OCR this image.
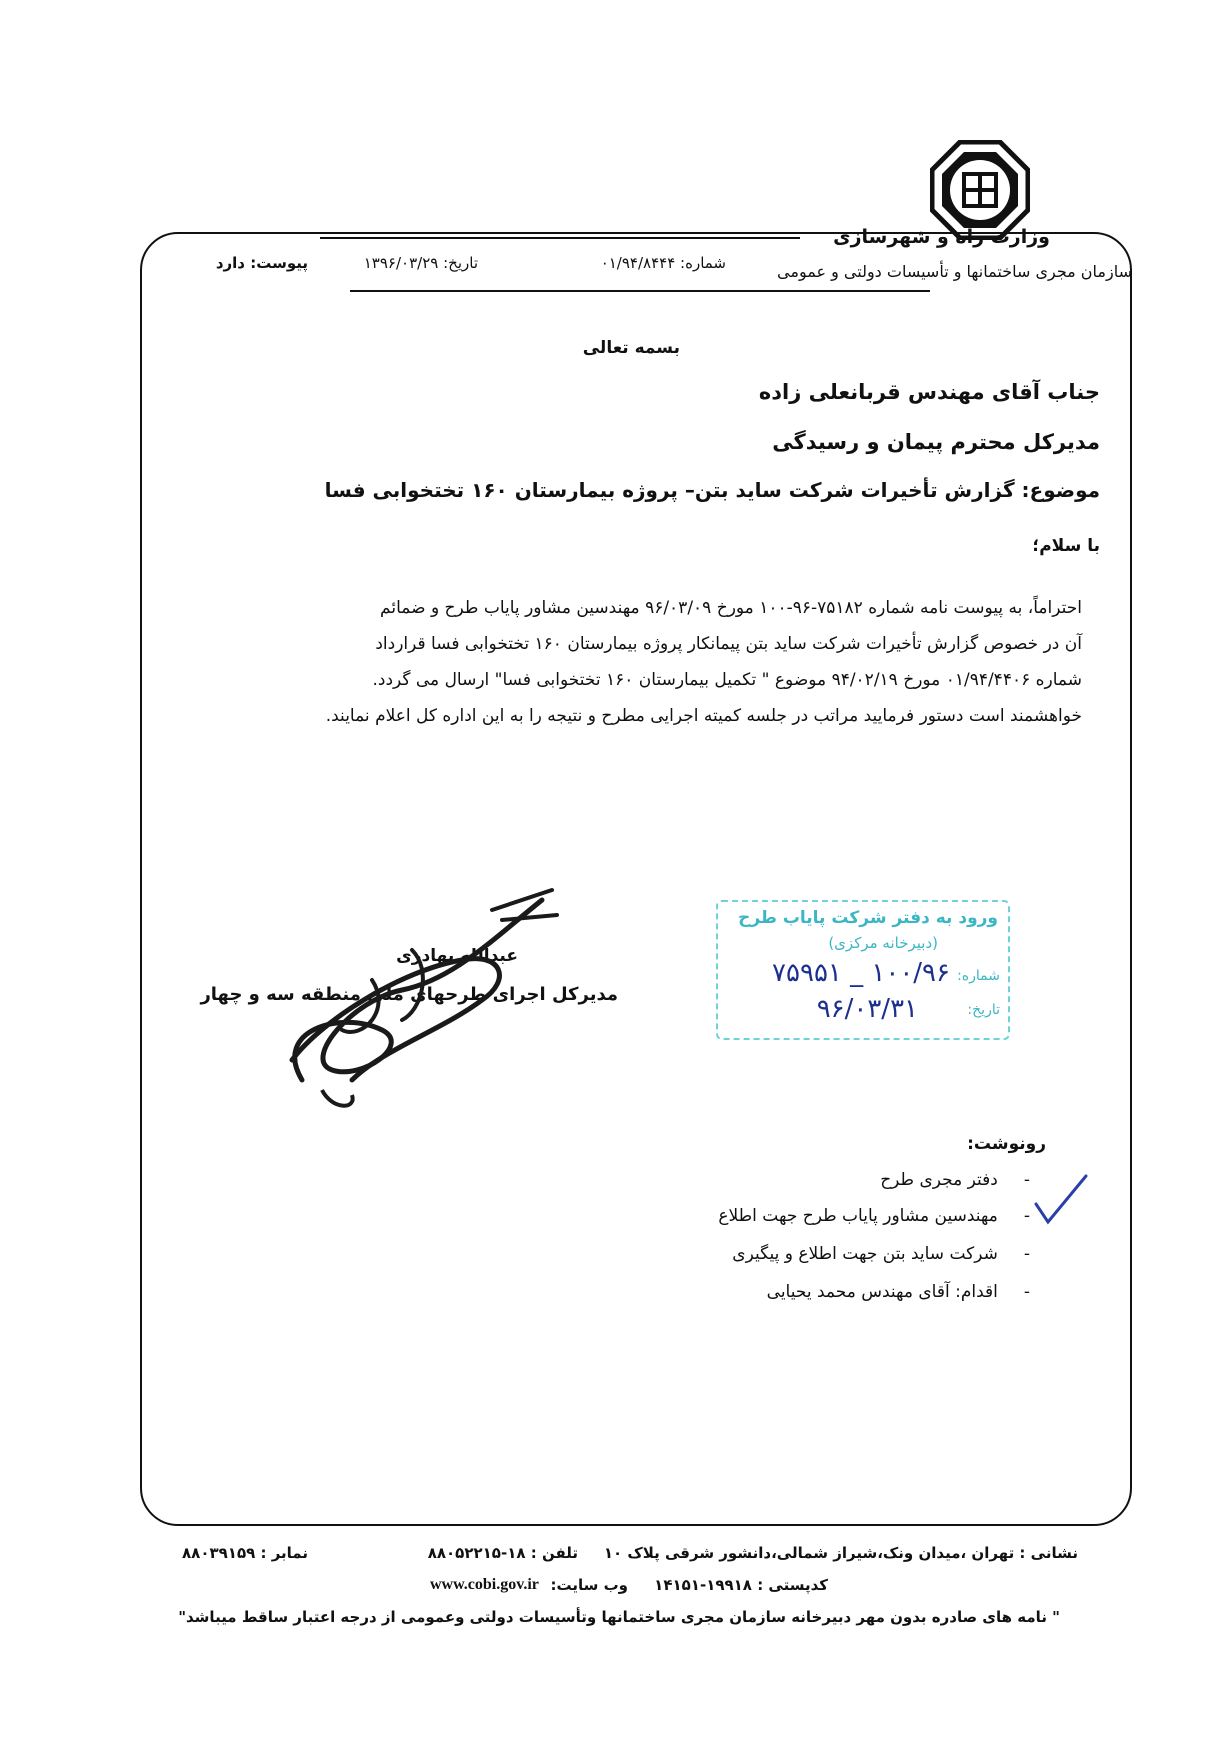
وزارت راه و شهرسازی
سازمان مجری ساختمانها و تأسیسات دولتی و عمومی
شماره: ۰۱/۹۴/۸۴۴۴
تاریخ: ۱۳۹۶/۰۳/۲۹
پیوست: دارد
بسمه تعالی
جناب آقای مهندس قربانعلی زاده
مدیرکل محترم پیمان و رسیدگی
موضوع: گزارش تأخیرات شرکت ساید بتن– پروژه بیمارستان ۱۶۰ تختخوابی فسا
با سلام؛
احتراماً، به پیوست نامه شماره ۷۵۱۸۲-۹۶-۱۰۰ مورخ ۹۶/۰۳/۰۹ مهندسین مشاور پایاب طرح و ضمائم
آن در خصوص گزارش تأخیرات شرکت ساید بتن پیمانکار پروژه بیمارستان ۱۶۰ تختخوابی فسا قرارداد
شماره ۰۱/۹۴/۴۴۰۶ مورخ ۹۴/۰۲/۱۹ موضوع " تکمیل بیمارستان ۱۶۰ تختخوابی فسا" ارسال می گردد.
خواهشمند است دستور فرمایید مراتب در جلسه کمیته اجرایی مطرح و نتیجه را به این اداره کل اعلام نمایند.
عبدالله بهادری
مدیرکل اجرای طرحهای ملی منطقه سه و چهار
ورود به دفتر شرکت پایاب طرح
(دبیرخانه مرکزی)
شماره:
۱۰۰/۹۶ _ ۷۵۹۵۱
تاریخ:
۹۶/۰۳/۳۱
رونوشت:
-دفتر مجری طرح
-مهندسین مشاور پایاب طرح جهت اطلاع
-شرکت ساید بتن جهت اطلاع و پیگیری
-اقدام: آقای مهندس محمد یحیایی
نشانی : تهران ،میدان ونک،شیراز شمالی،دانشور شرقی پلاک ۱۰
تلفن : ۱۸-۸۸۰۵۲۲۱۵
نمابر : ۸۸۰۳۹۱۵۹
کدپستی : ۱۹۹۱۸-۱۴۱۵۱
وب سایت:
www.cobi.gov.ir
" نامه های صادره بدون مهر دبیرخانه سازمان مجری ساختمانها وتأسیسات دولتی وعمومی از درجه اعتبار ساقط میباشد"
